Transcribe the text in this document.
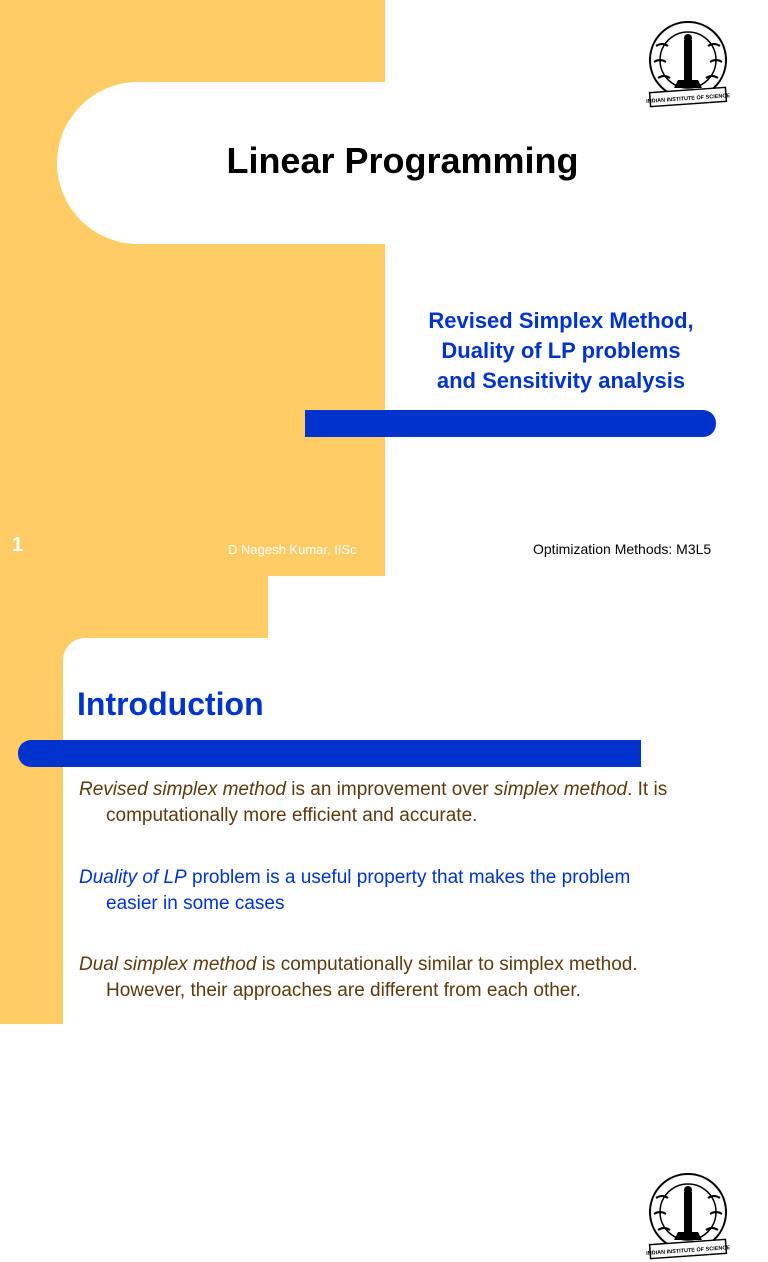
INDIAN INSTITUTE OF SCIENCE
Linear Programming
Revised Simplex Method,
Duality of LP problems
and Sensitivity analysis
1	D Nagesh Kumar, IISc	Optimization Methods: M3L5
INDIAN INSTITUTE OF SCIENCE
Introduction
Revised simplex method is an improvement over simplex method. It is
computationally more efficient and accurate.
Duality of LP problem is a useful property that makes the problem
easier in some cases
Dual simplex method is computationally similar to simplex method.
However, their approaches are different from each other.
